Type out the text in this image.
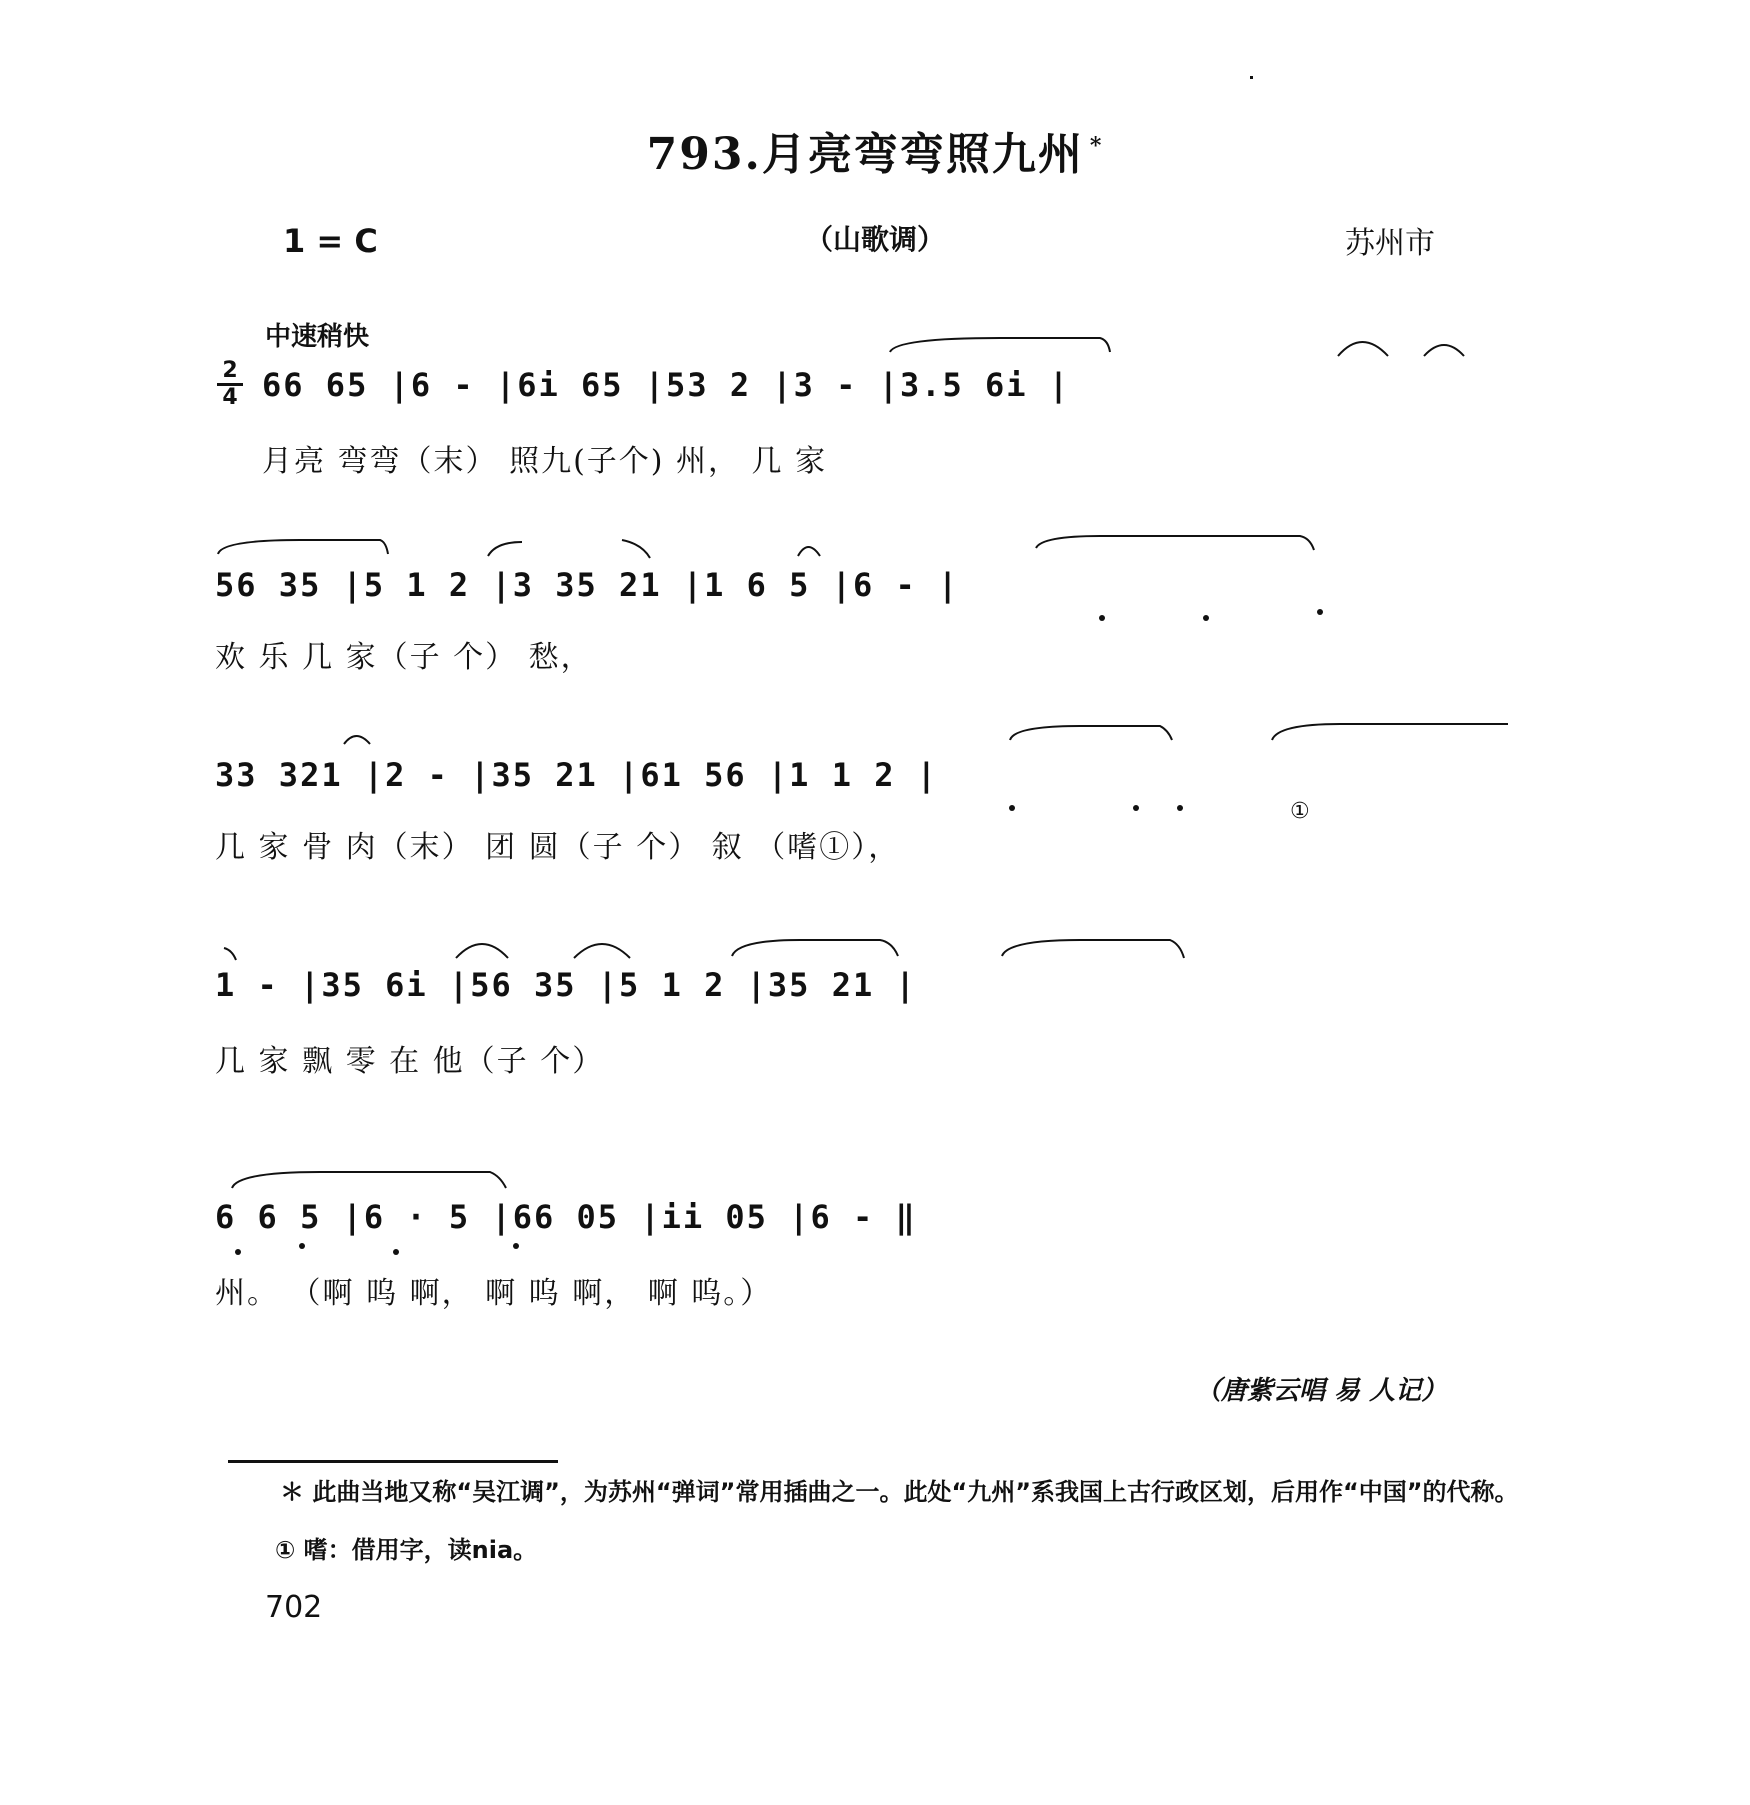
793.月亮弯弯照九州 *
1 = C	（山歌调）	苏州市
中速稍快
2
4 66 65 |6 - |6i 65 |53 2 |3 - |3.5 6i |
月亮 弯弯（末） 照九(子个) 州， 几 家
56 35 |5 1 2 |3 35 21 |1 6 5 |6 - |
欢 乐 几 家（子 个） 愁，
33 321 |2 - |35 21 |61 56 |1 1 2 |
几 家 骨 肉（末） 团 圆（子 个） 叙 （嗜①），
1 - |35 6i |56 35 |5 1 2 |35 21 |
几 家 飘 零 在 他（子 个）
6 6 5 |6 · 5 |66 05 |ii 05 |6 - ‖
州。 （啊 呜 啊， 啊 呜 啊， 啊 呜。）
①
（唐紫云唱 易 人记）
＊ 此曲当地又称“吴江调”，为苏州“弹词”常用插曲之一。此处“九州”系我国上古行政区划，后用作“中国”的代称。
① 嗜：借用字，读nia。
702
